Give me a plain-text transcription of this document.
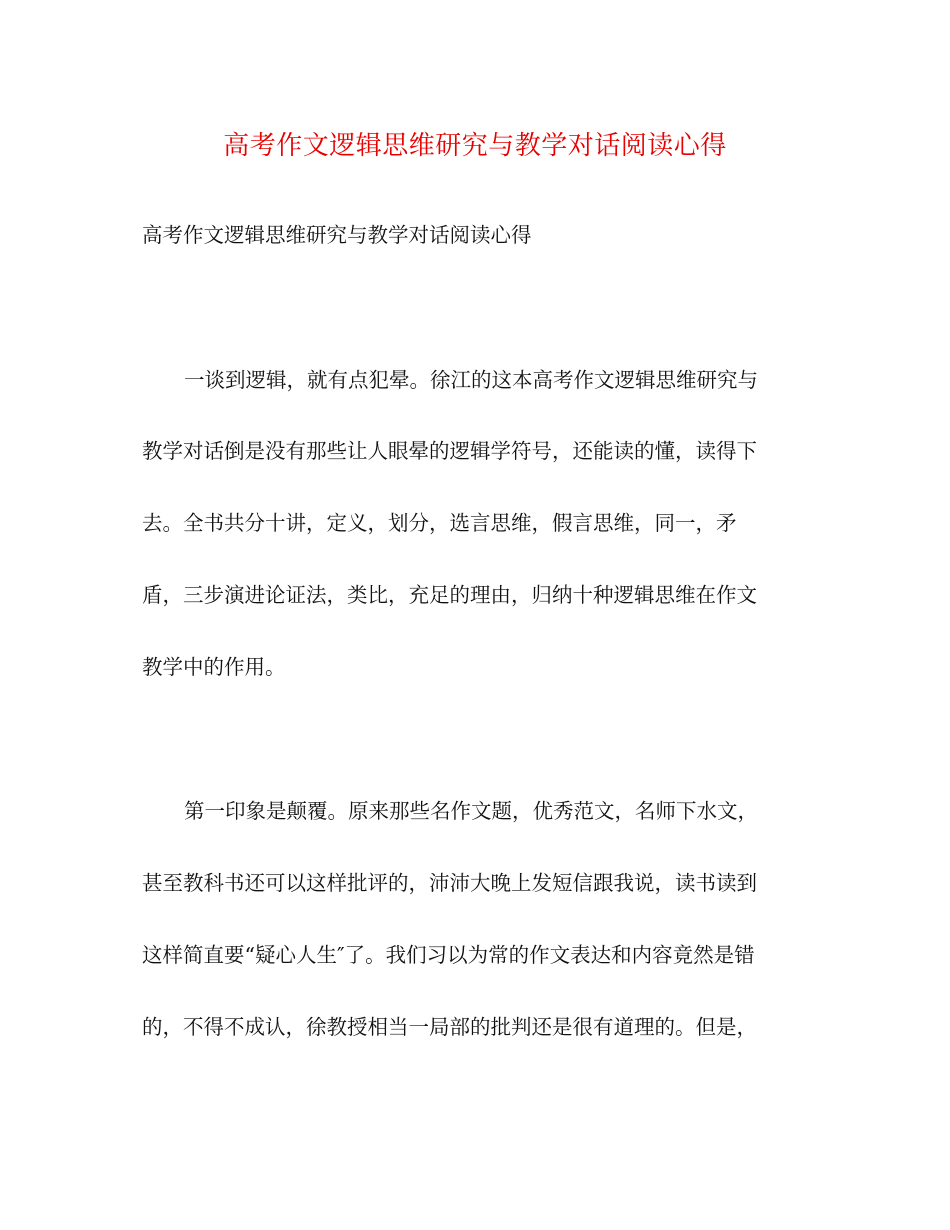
高考作文逻辑思维研究与教学对话阅读心得
高考作文逻辑思维研究与教学对话阅读心得
一谈到逻辑，就有点犯晕。徐江的这本高考作文逻辑思维研究与
教学对话倒是没有那些让人眼晕的逻辑学符号，还能读的懂，读得下
去。全书共分十讲，定义，划分，选言思维，假言思维，同一，矛
盾，三步演进论证法，类比，充足的理由，归纳十种逻辑思维在作文
教学中的作用。
第一印象是颠覆。原来那些名作文题，优秀范文，名师下水文，
甚至教科书还可以这样批评的，沛沛大晚上发短信跟我说，读书读到
这样简直要“疑心人生″了。我们习以为常的作文表达和内容竟然是错
的，不得不成认，徐教授相当一局部的批判还是很有道理的。但是，
